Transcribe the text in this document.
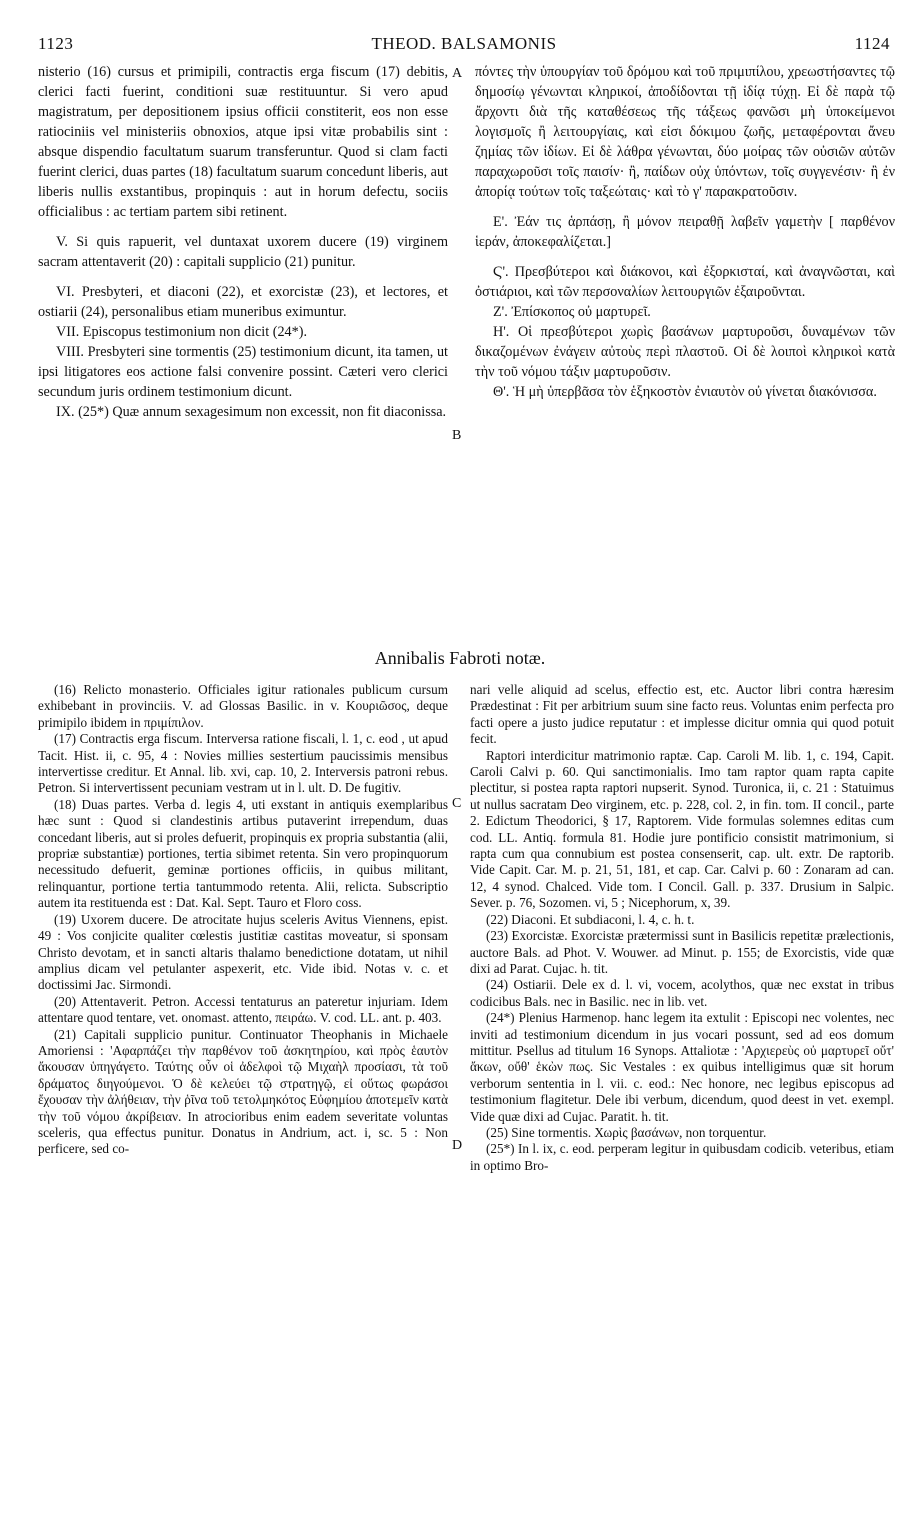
1123	THEOD. BALSAMONIS	1124
A
B
C
D

nisterio (16) cursus et primipili, contractis erga fiscum (17) debitis, clerici facti fuerint, conditioni suæ restituuntur. Si vero apud magistratum, per depositionem ipsius officii constiterit, eos non esse ratiociniis vel ministeriis obnoxios, atque ipsi vitæ probabilis sint : absque dispendio facultatum suarum transferuntur. Quod si clam facti fuerint clerici, duas partes (18) facultatum suarum concedunt liberis, aut liberis nullis exstantibus, propinquis : aut in horum defectu, sociis officialibus : ac tertiam partem sibi retinent.

V. Si quis rapuerit, vel duntaxat uxorem ducere (19) virginem sacram attentaverit (20) : capitali supplicio (21) punitur.

VI. Presbyteri, et diaconi (22), et exorcistæ (23), et lectores, et ostiarii (24), personalibus etiam muneribus eximuntur.

VII. Episcopus testimonium non dicit (24*).

VIII. Presbyteri sine tormentis (25) testimonium dicunt, ita tamen, ut ipsi litigatores eos actione falsi convenire possint. Cæteri vero clerici secundum juris ordinem testimonium dicunt.

IX. (25*) Quæ annum sexagesimum non excessit, non fit diaconissa.

πόντες τὴν ὑπουργίαν τοῦ δρόμου καὶ τοῦ πριμιπίλου, χρεωστήσαντες τῷ δημοσίῳ γένωνται κληρικοί, ἀποδίδονται τῇ ἰδίᾳ τύχῃ. Εἰ δὲ παρὰ τῷ ἄρχοντι διὰ τῆς καταθέσεως τῆς τάξεως φανῶσι μὴ ὑποκείμενοι λογισμοῖς ἢ λειτουργίαις, καὶ εἰσι δόκιμου ζωῆς, μεταφέρονται ἄνευ ζημίας τῶν ἰδίων. Εἰ δὲ λάθρα γένωνται, δύο μοίρας τῶν οὐσιῶν αὐτῶν παραχωροῦσι τοῖς παισίν· ἢ, παίδων οὐχ ὑπόντων, τοῖς συγγενέσιν· ἢ ἐν ἀπορίᾳ τούτων τοῖς ταξεώταις· καὶ τὸ γ' παρακρατοῦσιν.

Ε'. Ἐάν τις ἁρπάσῃ, ἢ μόνον πειραθῇ λαβεῖν γαμετὴν [ παρθένον ἱεράν, ἀποκεφαλίζεται.]

Ϛ'. Πρεσβύτεροι καὶ διάκονοι, καὶ ἐξορκισταί, καὶ ἀναγνῶσται, καὶ ὀστιάριοι, καὶ τῶν περσοναλίων λειτουργιῶν ἐξαιροῦνται.

Ζ'. Ἐπίσκοπος οὐ μαρτυρεῖ.

Η'. Οἱ πρεσβύτεροι χωρὶς βασάνων μαρτυροῦσι, δυναμένων τῶν δικαζομένων ἐνάγειν αὐτοὺς περὶ πλαστοῦ. Οἱ δὲ λοιποὶ κληρικοὶ κατὰ τὴν τοῦ νόμου τάξιν μαρτυροῦσιν.

Θ'. Ἡ μὴ ὑπερβᾶσα τὸν ἑξηκοστὸν ἐνιαυτὸν οὐ γίνεται διακόνισσα.

Annibalis Fabroti notæ.

(16) Relicto monasterio. Officiales igitur rationales publicum cursum exhibebant in provinciis. V. ad Glossas Basilic. in v. Κουριῶσος, deque primipilo ibidem in πριμίπιλον.

(17) Contractis erga fiscum. Interversa ratione fiscali, l. 1, c. eod , ut apud Tacit. Hist. ii, c. 95, 4 : Novies millies sestertium paucissimis mensibus intervertisse creditur. Et Annal. lib. xvi, cap. 10, 2. Interversis patroni rebus. Petron. Si intervertissent pecuniam vestram ut in l. ult. D. De fugitiv.

(18) Duas partes. Verba d. legis 4, uti exstant in antiquis exemplaribus hæc sunt : Quod si clandestinis artibus putaverint irrependum, duas concedant liberis, aut si proles defuerit, propinquis ex propria substantia (alii, propriæ substantiæ) portiones, tertia sibimet retenta. Sin vero propinquorum necessitudo defuerit, geminæ portiones officiis, in quibus militant, relinquantur, portione tertia tantummodo retenta. Alii, relicta. Subscriptio autem ita restituenda est : Dat. Kal. Sept. Tauro et Floro coss.

(19) Uxorem ducere. De atrocitate hujus sceleris Avitus Viennens, epist. 49 : Vos conjicite qualiter cœlestis justitiæ castitas moveatur, si sponsam Christo devotam, et in sancti altaris thalamo benedictione dotatam, ut nihil amplius dicam vel petulanter aspexerit, etc. Vide ibid. Notas v. c. et doctissimi Jac. Sirmondi.

(20) Attentaverit. Petron. Accessi tentaturus an pateretur injuriam. Idem attentare quod tentare, vet. onomast. attento, πειράω. V. cod. LL. ant. p. 403.

(21) Capitali supplicio punitur. Continuator Theophanis in Michaele Amoriensi : 'Αφαρπάζει τὴν παρθένον τοῦ ἀσκητηρίου, καὶ πρὸς ἑαυτὸν ἄκουσαν ὑπηγάγετο. Ταύτης οὖν οἱ ἀδελφοὶ τῷ Μιχαὴλ προσίασι, τὰ τοῦ δράματος διηγούμενοι. Ὁ δὲ κελεύει τῷ στρατηγῷ, εἰ οὕτως φωράσοι ἔχουσαν τὴν ἀλήθειαν, τὴν ῥῖνα τοῦ τετολμηκότος Εὐφημίου ἀποτεμεῖν κατὰ τὴν τοῦ νόμου ἀκρίβειαν. In atrocioribus enim eadem severitate voluntas sceleris, qua effectus punitur. Donatus in Andrium, act. i, sc. 5 : Non perficere, sed co-

nari velle aliquid ad scelus, effectio est, etc. Auctor libri contra hæresim Prædestinat : Fit per arbitrium suum sine facto reus. Voluntas enim perfecta pro facti opere a justo judice reputatur : et implesse dicitur omnia qui quod potuit fecit.

Raptori interdicitur matrimonio raptæ. Cap. Caroli M. lib. 1, c. 194, Capit. Caroli Calvi p. 60. Qui sanctimonialis. Imo tam raptor quam rapta capite plectitur, si postea rapta raptori nupserit. Synod. Turonica, ii, c. 21 : Statuimus ut nullus sacratam Deo virginem, etc. p. 228, col. 2, in fin. tom. II concil., parte 2. Edictum Theodorici, § 17, Raptorem. Vide formulas solemnes editas cum cod. LL. Antiq. formula 81. Hodie jure pontificio consistit matrimonium, si rapta cum qua connubium est postea consenserit, cap. ult. extr. De raptorib. Vide Capit. Car. M. p. 21, 51, 181, et cap. Car. Calvi p. 60 : Zonaram ad can. 12, 4 synod. Chalced. Vide tom. I Concil. Gall. p. 337. Drusium in Salpic. Sever. p. 76, Sozomen. vi, 5 ; Nicephorum, x, 39.

(22) Diaconi. Et subdiaconi, l. 4, c. h. t.

(23) Exorcistæ. Exorcistæ prætermissi sunt in Basilicis repetitæ prælectionis, auctore Bals. ad Phot. V. Wouwer. ad Minut. p. 155; de Exorcistis, vide quæ dixi ad Parat. Cujac. h. tit.

(24) Ostiarii. Dele ex d. l. vi, vocem, acolythos, quæ nec exstat in tribus codicibus Bals. nec in Basilic. nec in lib. vet.

(24*) Plenius Harmenop. hanc legem ita extulit : Episcopi nec volentes, nec inviti ad testimonium dicendum in jus vocari possunt, sed ad eos domum mittitur. Psellus ad titulum 16 Synops. Attaliotæ : 'Αρχιερεὺς οὐ μαρτυρεῖ οὔτ' ἄκων, οὔθ' ἑκὼν πως. Sic Vestales : ex quibus intelligimus quæ sit horum verborum sententia in l. vii. c. eod.: Nec honore, nec legibus episcopus ad testimonium flagitetur. Dele ibi verbum, dicendum, quod deest in vet. exempl. Vide quæ dixi ad Cujac. Paratit. h. tit.

(25) Sine tormentis. Χωρὶς βασάνων, non torquentur.

(25*) In l. ix, c. eod. perperam legitur in quibusdam codicib. veteribus, etiam in optimo Bro-
